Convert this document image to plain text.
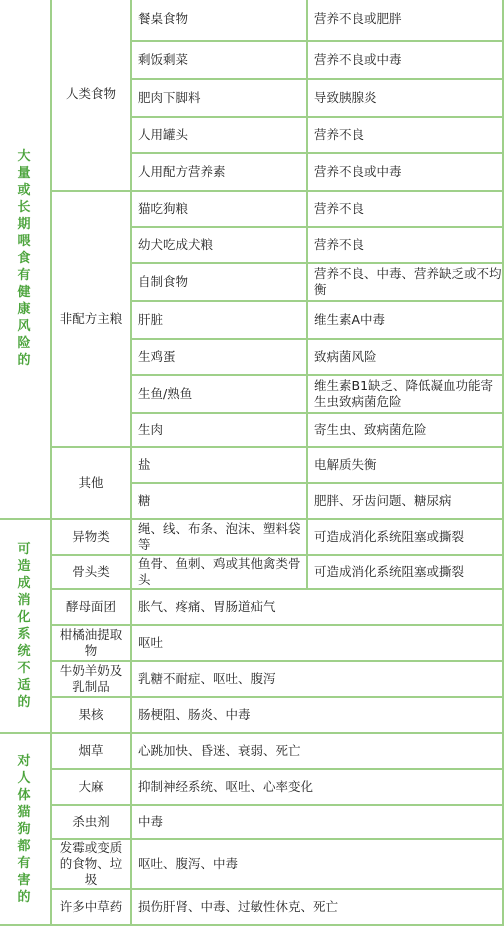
大量或长期喂食有健康风险的	人类食物	餐桌食物	营养不良或肥胖
		剩饭剩菜	营养不良或中毒
		肥肉下脚料	导致胰腺炎
		人用罐头	营养不良
		人用配方营养素	营养不良或中毒
	非配方主粮	猫吃狗粮	营养不良
		幼犬吃成犬粮	营养不良
		自制食物	营养不良、中毒、营养缺乏或不均衡
		肝脏	维生素A中毒
		生鸡蛋	致病菌风险
		生鱼/熟鱼	维生素B1缺乏、降低凝血功能寄生虫致病菌危险
		生肉	寄生虫、致病菌危险
	其他	盐	电解质失衡
		糖	肥胖、牙齿问题、糖尿病
可造成消化系统不适的	异物类	绳、线、布条、泡沫、塑料袋等	可造成消化系统阻塞或撕裂
	骨头类	鱼骨、鱼刺、鸡或其他禽类骨头	可造成消化系统阻塞或撕裂
	酵母面团	胀气、疼痛、胃肠道疝气	
	柑橘油提取物	呕吐	
	牛奶羊奶及乳制品	乳糖不耐症、呕吐、腹泻	
	果核	肠梗阻、肠炎、中毒	
对人体猫狗都有害的	烟草	心跳加快、昏迷、衰弱、死亡	
	大麻	抑制神经系统、呕吐、心率变化	
	杀虫剂	中毒	
	发霉或变质的食物、垃圾	呕吐、腹泻、中毒	
	许多中草药	损伤肝肾、中毒、过敏性休克、死亡	
